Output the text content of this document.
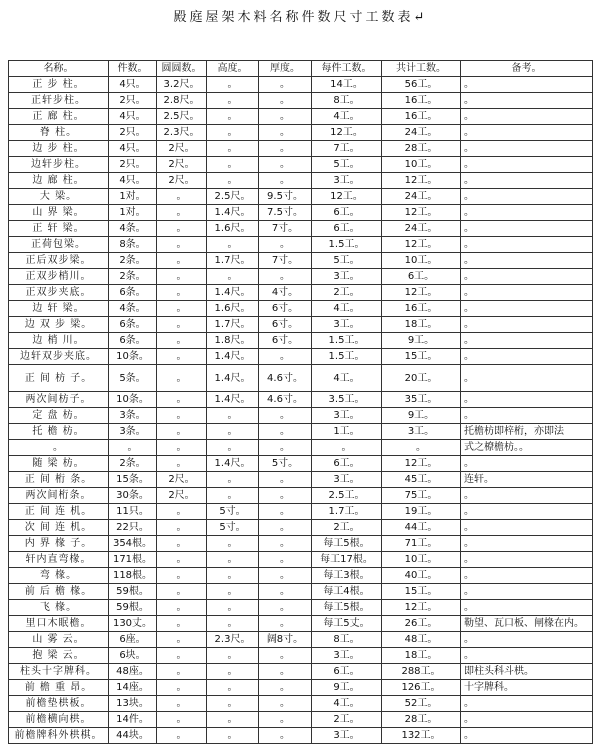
殿庭屋架木料名称件数尺寸工数表↵
名称。	件数。	圆圆数。	高度。	厚度。	每件工数。	共计工数。	备考。
正 步 柱。	4只。	3.2尺。	。	。	14工。	56工。	。
正轩步柱。	2只。	2.8尺。	。	。	8工。	16工。	。
正 廊 柱。	4只。	2.5尺。	。	。	4工。	16工。	。
脊 柱。	2只。	2.3尺。	。	。	12工。	24工。	。
边 步 柱。	4只。	2尺。	。	。	7工。	28工。	。
边轩步柱。	2只。	2尺。	。	。	5工。	10工。	。
边 廊 柱。	4只。	2尺。	。	。	3工。	12工。	。
大 梁。	1对。	。	2.5尺。	9.5寸。	12工。	24工。	。
山 界 梁。	1对。	。	1.4尺。	7.5寸。	6工。	12工。	。
正 轩 梁。	4条。	。	1.6尺。	7寸。	6工。	24工。	。
正荷包梁。	8条。	。	。	。	1.5工。	12工。	。
正后双步梁。	2条。	。	1.7尺。	7寸。	5工。	10工。	。
正双步梢川。	2条。	。	。	。	3工。	6工。	。
正双步夹底。	6条。	。	1.4尺。	4寸。	2工。	12工。	。
边 轩 梁。	4条。	。	1.6尺。	6寸。	4工。	16工。	。
边 双 步 梁。	6条。	。	1.7尺。	6寸。	3工。	18工。	。
边 梢 川。	6条。	。	1.8尺。	6寸。	1.5工。	9工。	。
边轩双步夹底。	10条。	。	1.4尺。	。	1.5工。	15工。	。
正 间 枋 子。	5条。	。	1.4尺。	4.6寸。	4工。	20工。	。
两次间枋子。	10条。	。	1.4尺。	4.6寸。	3.5工。	35工。	。
定 盘 枋。	3条。	。	。	。	3工。	9工。	。
托 檐 枋。	3条。	。	。	。	1工。	3工。	托檐枋即梓桁，亦即法
。	。	。	。	。	。	。	式之橑檐枋。。
随 梁 枋。	2条。	。	1.4尺。	5寸。	6工。	12工。	。
正 间 桁 条。	15条。	2尺。	。	。	3工。	45工。	连轩。
两次间桁条。	30条。	2尺。	。	。	2.5工。	75工。	。
正 间 连 机。	11只。	。	5寸。	。	1.7工。	19工。	。
次 间 连 机。	22只。	。	5寸。	。	2工。	44工。	。
内 界 椽 子。	354根。	。	。	。	每工5根。	71工。	。
轩内直弯椽。	171根。	。	。	。	每工17根。	10工。	。
弯 椽。	118根。	。	。	。	每工3根。	40工。	。
前 后 檐 椽。	59根。	。	。	。	每工4根。	15工。	。
飞 椽。	59根。	。	。	。	每工5根。	12工。	。
里口木眠檐。	130丈。	。	。	。	每工5丈。	26工。	勒望、瓦口板、闸椽在内。
山 雾 云。	6座。	。	2.3尺。	阔8寸。	8工。	48工。	。
抱 梁 云。	6块。	。	。	。	3工。	18工。	。
柱头十字牌科。	48座。	。	。	。	6工。	288工。	即柱头科斗栱。
前 檐 重 昂。	14座。	。	。	。	9工。	126工。	十字牌科。
前檐垫栱板。	13块。	。	。	。	4工。	52工。	。
前檐横向栱。	14件。	。	。	。	2工。	28工。	。
前檐牌科外栱棋。	44块。	。	。	。	3工。	132工。	。
